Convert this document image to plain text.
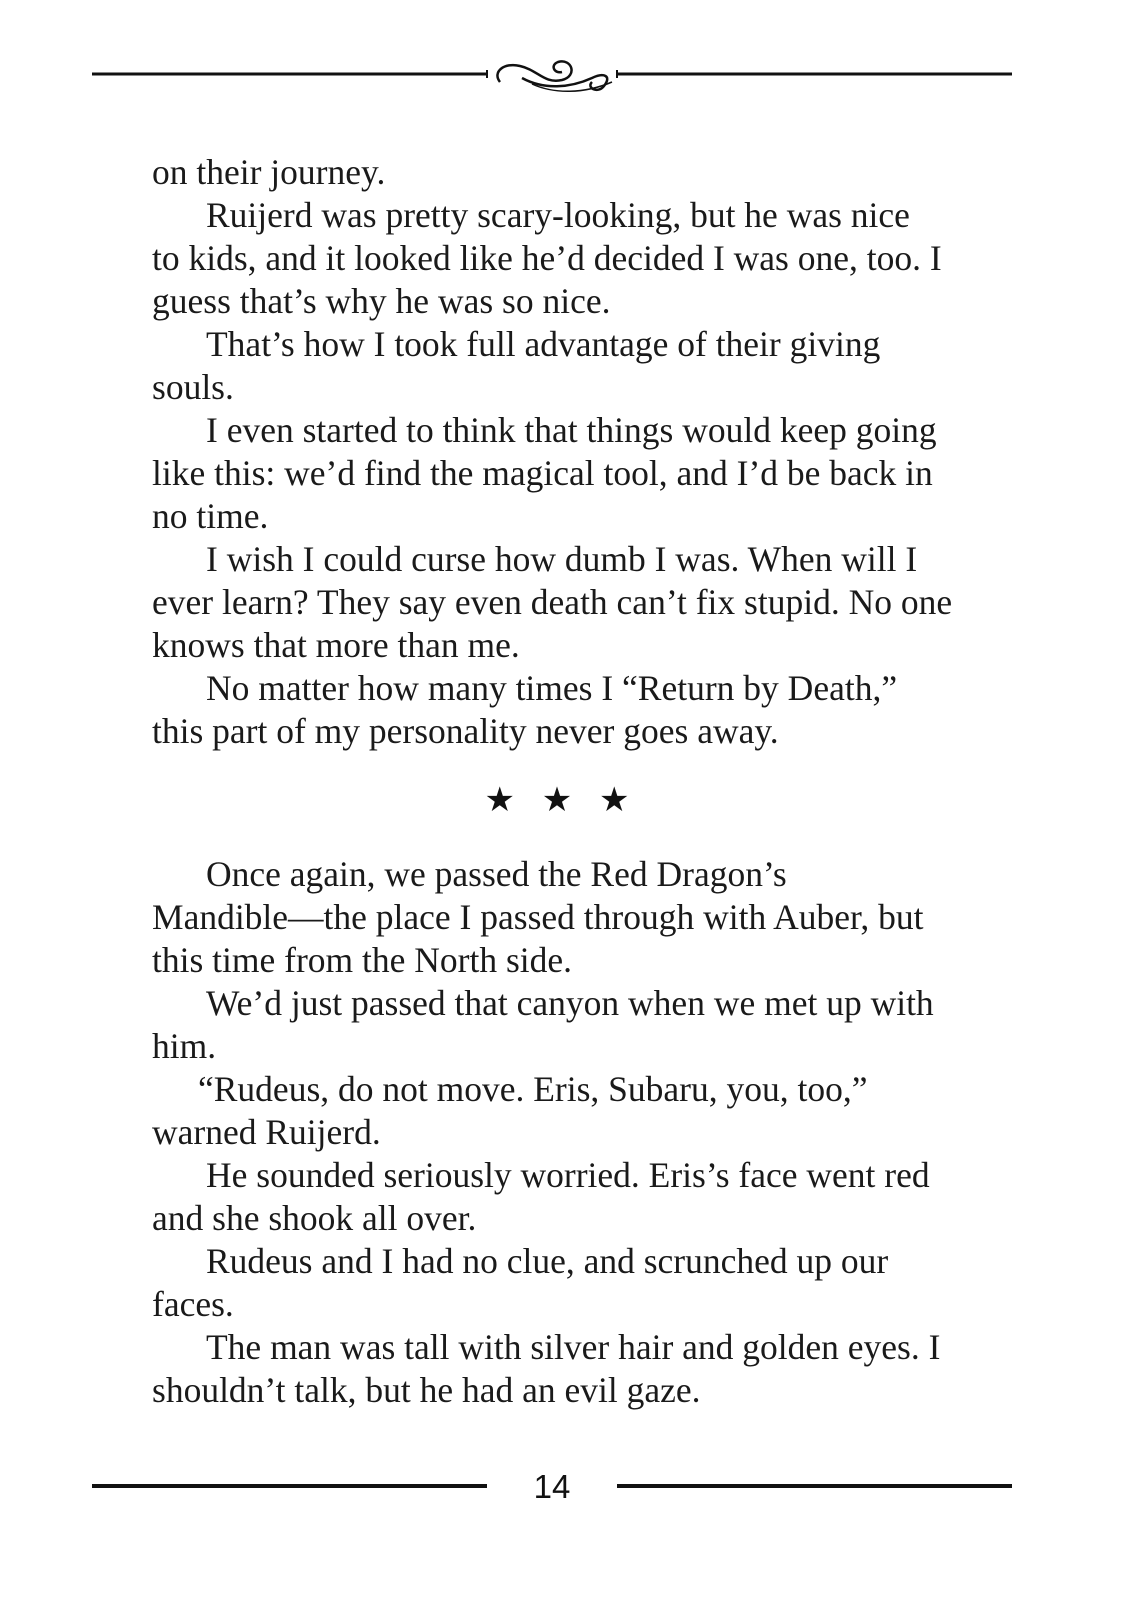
on their journey.
Ruijerd was pretty scary-looking, but he was nice
to kids, and it looked like he’d decided I was one, too. I
guess that’s why he was so nice.
That’s how I took full advantage of their giving
souls.
I even started to think that things would keep going
like this: we’d find the magical tool, and I’d be back in
no time.
I wish I could curse how dumb I was. When will I
ever learn? They say even death can’t fix stupid. No one
knows that more than me.
No matter how many times I “Return by Death,”
this part of my personality never goes away.
★ ★ ★
Once again, we passed the Red Dragon’s
Mandible—the place I passed through with Auber, but
this time from the North side.
We’d just passed that canyon when we met up with
him.
“Rudeus, do not move. Eris, Subaru, you, too,”
warned Ruijerd.
He sounded seriously worried. Eris’s face went red
and she shook all over.
Rudeus and I had no clue, and scrunched up our
faces.
The man was tall with silver hair and golden eyes. I
shouldn’t talk, but he had an evil gaze.
14
